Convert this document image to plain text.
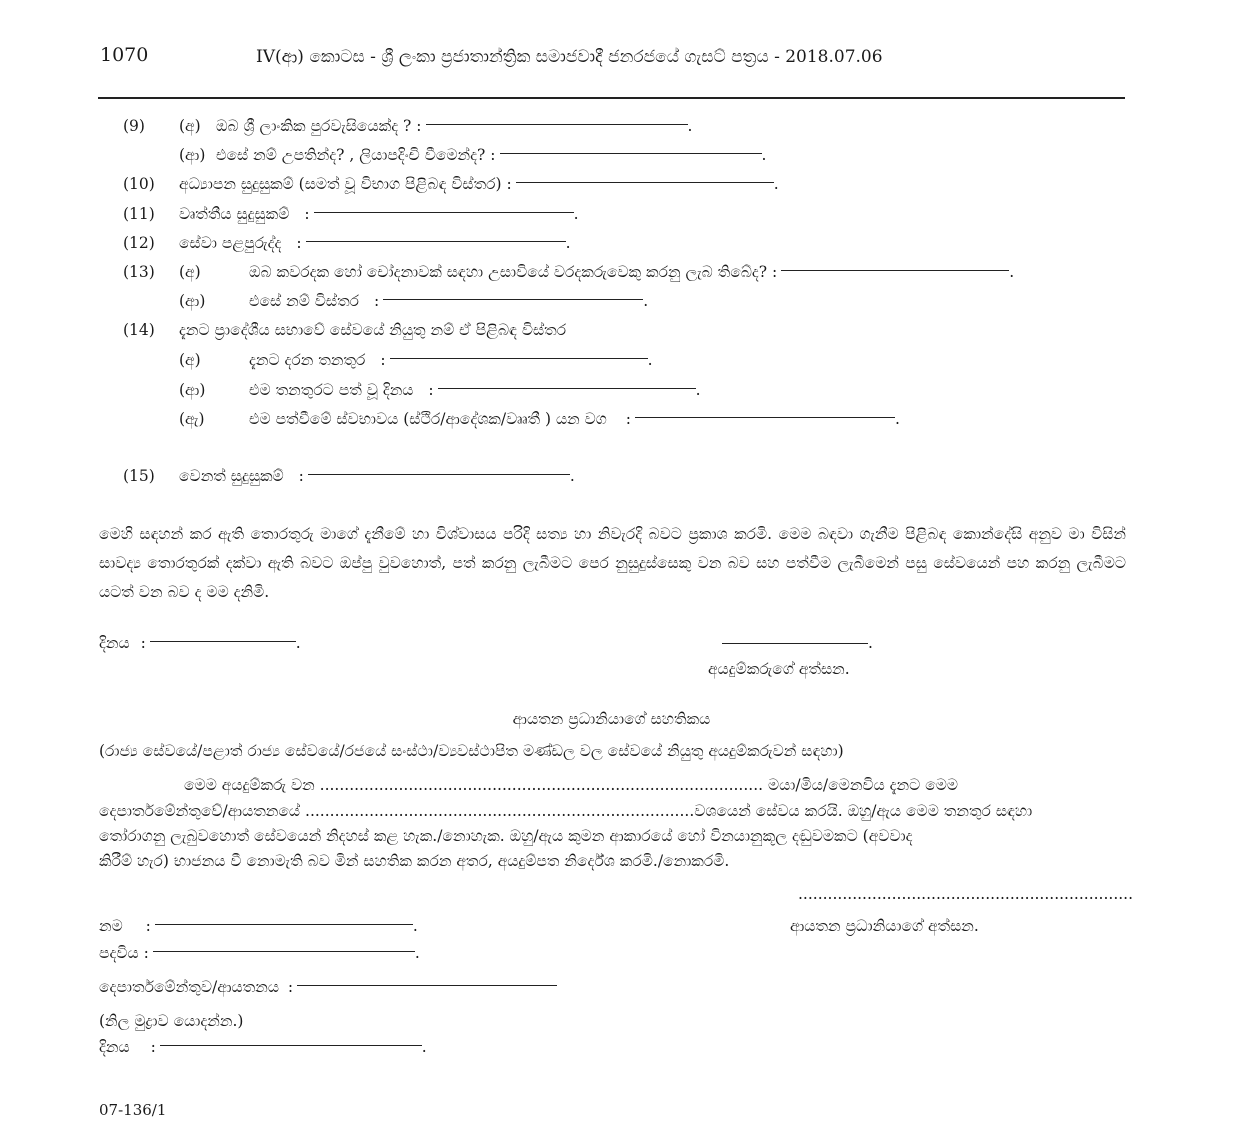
1070	IV(ආ) කොටස - ශ්‍රී ලංකා ප්‍රජාතාන්ත්‍රික සමාජවාදී ජනරජයේ ගැසට් පත්‍රය - 2018.07.06
(9) (අ) ඔබ ශ්‍රී ලාංකික පුරවැසියෙක්ද ? :	.
(ආ) එසේ නම් උපතින්ද? , ලියාපදිංචි වීමෙන්ද? :	.
(10) අධ්‍යාපන සුදුසුකම් (සමත් වූ විභාග පිළිබඳ විස්තර) :	.
(11) වෘත්තීය සුදුසුකම් :	.
(12) සේවා පළපුරුද්ද :	.
(13) (අ)	ඔබ කවරදක හෝ චෝදනාවක් සඳහා උසාවියේ වරදකරුවෙකු කරනු ලැබ තිබේද? :	.
(ආ)	එසේ නම් විස්තර :	.
(14) දැනට ප්‍රාදේශීය සභාවේ සේවයේ නියුතු නම් ඒ පිළිබඳ විස්තර
(අ)	දැනට දරන තනතුර :	.
(ආ)	එම තනතුරට පත් වූ දිනය :	.
(ඇ)	එම පත්වීමේ ස්වභාවය (ස්ථිර/ආදේශක/වෘෘතී ) යන වග :	.
(15) වෙනත් සුදුසුකම් :	.
මෙහි සඳහන් කර ඇති තොරතුරු මාගේ දැනීමේ හා විශ්වාසය පරිදි සත්‍ය හා නිවැරදි බවට ප්‍රකාශ කරමි. මෙම බඳවා ගැනීම පිළිබඳ කොන්දේසි අනුව මා විසින් සාවද්‍ය තොරතුරක් දක්වා ඇති බවට ඔප්පු වුවහොත්, පත් කරනු ලැබීමට පෙර නුසුදුස්සෙකු වන බව සහ පත්වීම ලැබීමෙන් පසු සේවයෙන් පහ කරනු ලැබීමට යටත් වන බව ද මම දනිමි.
දිනය :	.	.
අයදුම්කරුගේ අත්සන.
ආයතන ප්‍රධානියාගේ සහතිකය
(රාජ්‍ය සේවයේ/පළාත් රාජ්‍ය සේවයේ/රජයේ සංස්ථා/ව්‍යවස්ථාපිත මණ්ඩල වල සේවයේ නියුතු අයදුම්කරුවන් සඳහා)
මෙම අයදුම්කරු වන .......................................................................................... මයා/මිය/මෙනවිය දැනට මෙම
දෙපාර්තමේන්තුවේ/ආයතනයේ ...............................................................................වශයෙන් සේවය කරයි. ඔහු/ඇය මෙම තනතුර සඳහා
තෝරාගනු ලැබුවහොත් සේවයෙන් නිදහස් කළ හැක./නොහැක. ඔහු/ඇය කුමන ආකාරයේ හෝ විනයානුකූල දඬුවමකට (අවවාද
කිරීම් හැර) භාජනය වී නොමැති බව මින් සහතික කරන අතර, අයදුම්පත නිර්දේශ කරමි./නොකරමි.
....................................................................
ආයතන ප්‍රධානියාගේ අත්සන.
නම :	.
පදවිය :	.
දෙපාර්තමේන්තුව/ආයතනය :
(නිල මුද්‍රාව යොදන්න.)
දිනය :	.
07-136/1
